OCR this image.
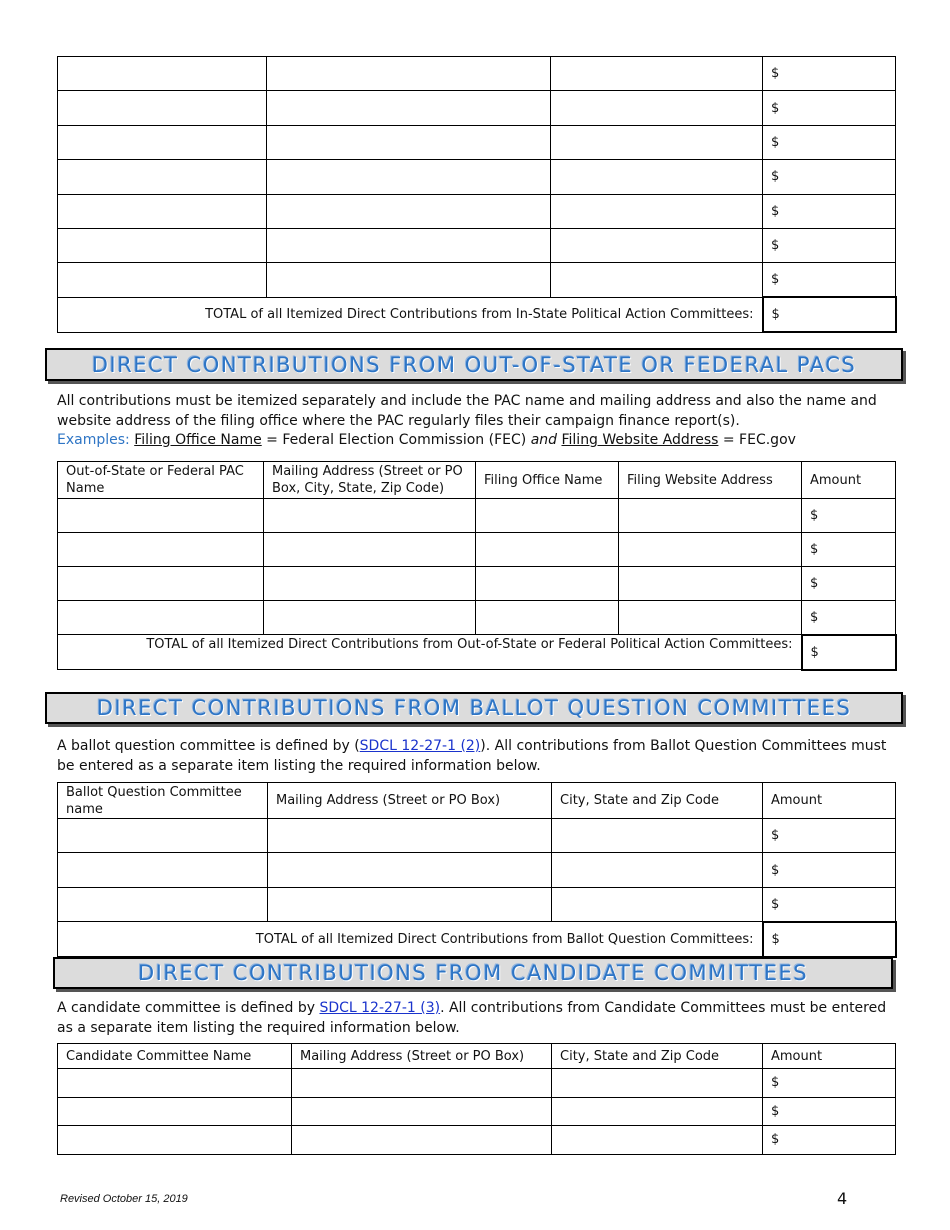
			$
			$
			$
			$
			$
			$
			$
TOTAL of all Itemized Direct Contributions from In-State Political Action Committees:			$
DIRECT CONTRIBUTIONS FROM OUT-OF-STATE OR FEDERAL PACS
All contributions must be itemized separately and include the PAC name and mailing address and also the name and website address of the filing office where the PAC regularly files their campaign finance report(s).
Examples: Filing Office Name = Federal Election Commission (FEC) and Filing Website Address = FEC.gov
Out-of-State or Federal PAC Name	Mailing Address (Street or PO Box, City, State, Zip Code)	Filing Office Name	Filing Website Address	Amount
				$
				$
				$
				$
TOTAL of all Itemized Direct Contributions from Out-of-State or Federal Political Action Committees:				$
DIRECT CONTRIBUTIONS FROM BALLOT QUESTION COMMITTEES
A ballot question committee is defined by (SDCL 12-27-1 (2)). All contributions from Ballot Question Committees must be entered as a separate item listing the required information below.
Ballot Question Committee name	Mailing Address (Street or PO Box)	City, State and Zip Code	Amount
			$
			$
			$
TOTAL of all Itemized Direct Contributions from Ballot Question Committees:			$
DIRECT CONTRIBUTIONS FROM CANDIDATE COMMITTEES
A candidate committee is defined by SDCL 12-27-1 (3). All contributions from Candidate Committees must be entered as a separate item listing the required information below.
Candidate Committee Name	Mailing Address (Street or PO Box)	City, State and Zip Code	Amount
			$
			$
			$
Revised October 15, 2019	4
